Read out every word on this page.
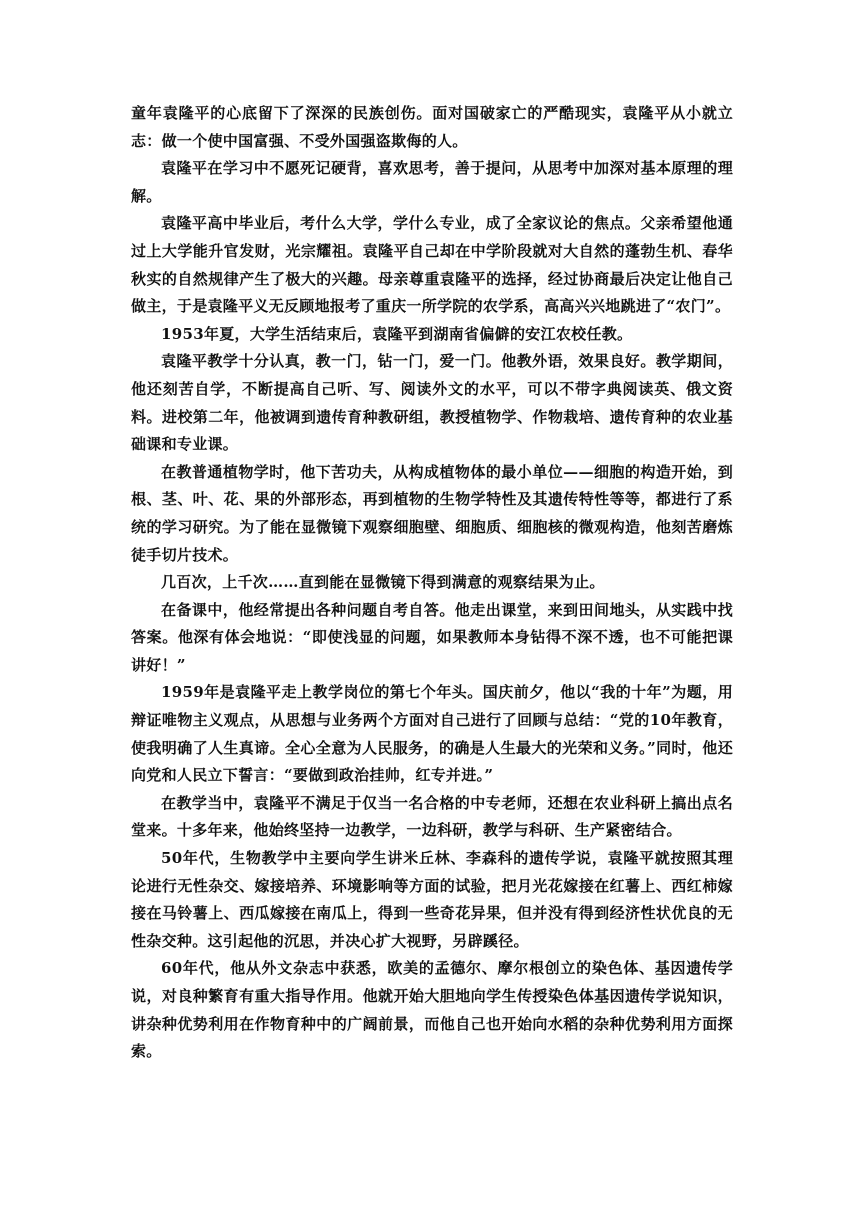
童年袁隆平的心底留下了深深的民族创伤。面对国破家亡的严酷现实，袁隆平从小就立志：做一个使中国富强、不受外国强盗欺侮的人。

袁隆平在学习中不愿死记硬背，喜欢思考，善于提问，从思考中加深对基本原理的理解。

袁隆平高中毕业后，考什么大学，学什么专业，成了全家议论的焦点。父亲希望他通过上大学能升官发财，光宗耀祖。袁隆平自己却在中学阶段就对大自然的蓬勃生机、春华秋实的自然规律产生了极大的兴趣。母亲尊重袁隆平的选择，经过协商最后决定让他自己做主，于是袁隆平义无反顾地报考了重庆一所学院的农学系，高高兴兴地跳进了“农门”。

1953年夏，大学生活结束后，袁隆平到湖南省偏僻的安江农校任教。

袁隆平教学十分认真，教一门，钻一门，爱一门。他教外语，效果良好。教学期间，他还刻苦自学，不断提高自己听、写、阅读外文的水平，可以不带字典阅读英、俄文资料。进校第二年，他被调到遗传育种教研组，教授植物学、作物栽培、遗传育种的农业基础课和专业课。

在教普通植物学时，他下苦功夫，从构成植物体的最小单位——细胞的构造开始，到根、茎、叶、花、果的外部形态，再到植物的生物学特性及其遗传特性等等，都进行了系统的学习研究。为了能在显微镜下观察细胞壁、细胞质、细胞核的微观构造，他刻苦磨炼徒手切片技术。

几百次，上千次……直到能在显微镜下得到满意的观察结果为止。

在备课中，他经常提出各种问题自考自答。他走出课堂，来到田间地头，从实践中找答案。他深有体会地说：“即使浅显的问题，如果教师本身钻得不深不透，也不可能把课讲好！”

1959年是袁隆平走上教学岗位的第七个年头。国庆前夕，他以“我的十年”为题，用辩证唯物主义观点，从思想与业务两个方面对自己进行了回顾与总结：“党的10年教育，使我明确了人生真谛。全心全意为人民服务，的确是人生最大的光荣和义务。”同时，他还向党和人民立下誓言：“要做到政治挂帅，红专并进。”

在教学当中，袁隆平不满足于仅当一名合格的中专老师，还想在农业科研上搞出点名堂来。十多年来，他始终坚持一边教学，一边科研，教学与科研、生产紧密结合。

50年代，生物教学中主要向学生讲米丘林、李森科的遗传学说，袁隆平就按照其理论进行无性杂交、嫁接培养、环境影响等方面的试验，把月光花嫁接在红薯上、西红柿嫁接在马铃薯上、西瓜嫁接在南瓜上，得到一些奇花异果，但并没有得到经济性状优良的无性杂交种。这引起他的沉思，并决心扩大视野，另辟蹊径。

60年代，他从外文杂志中获悉，欧美的孟德尔、摩尔根创立的染色体、基因遗传学说，对良种繁育有重大指导作用。他就开始大胆地向学生传授染色体基因遗传学说知识，讲杂种优势利用在作物育种中的广阔前景，而他自己也开始向水稻的杂种优势利用方面探索。
